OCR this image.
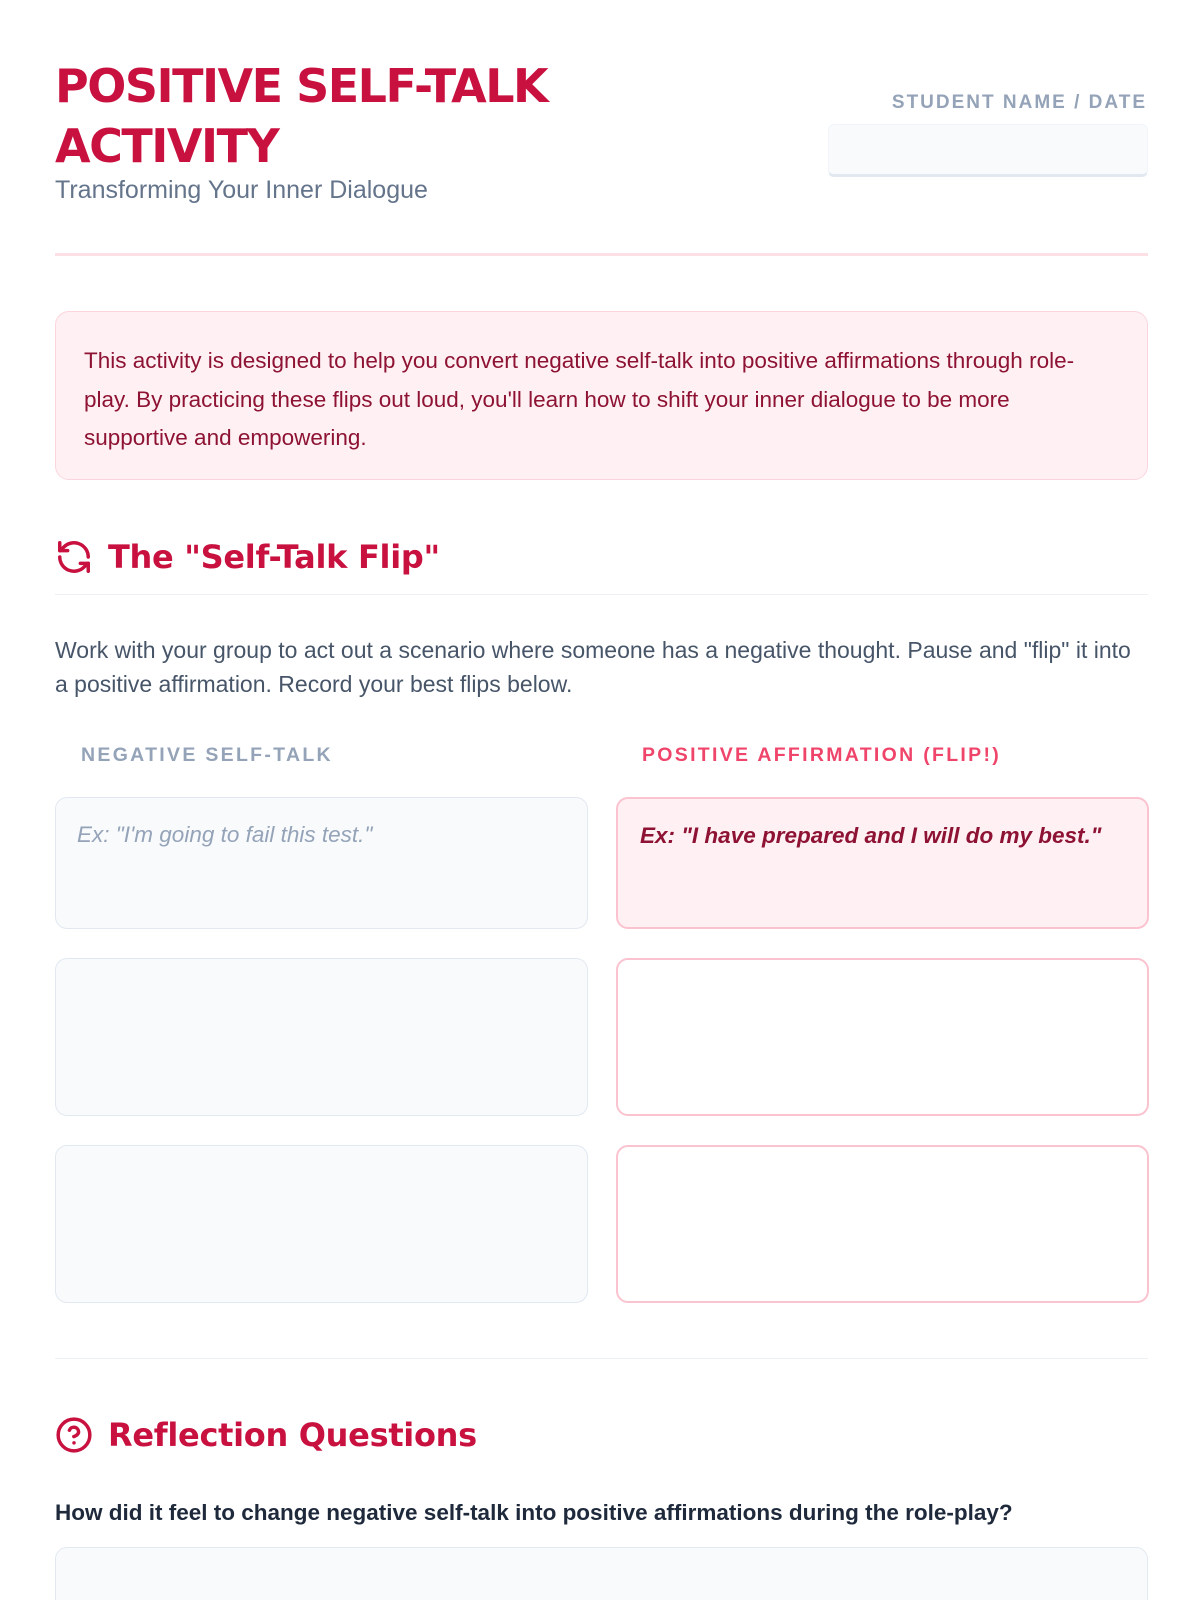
POSITIVE SELF-TALK
ACTIVITY
Transforming Your Inner Dialogue
STUDENT NAME / DATE
This activity is designed to help you convert negative self-talk into positive affirmations through role-play. By practicing these flips out loud, you'll learn how to shift your inner dialogue to be more supportive and empowering.
The "Self-Talk Flip"

Work with your group to act out a scenario where someone has a negative thought. Pause and "flip" it into a positive affirmation. Record your best flips below.

NEGATIVE SELF-TALK	POSITIVE AFFIRMATION (FLIP!)
Ex: "I'm going to fail this test."	Ex: "I have prepared and I will do my best."
Reflection Questions
How did it feel to change negative self-talk into positive affirmations during the role-play?
